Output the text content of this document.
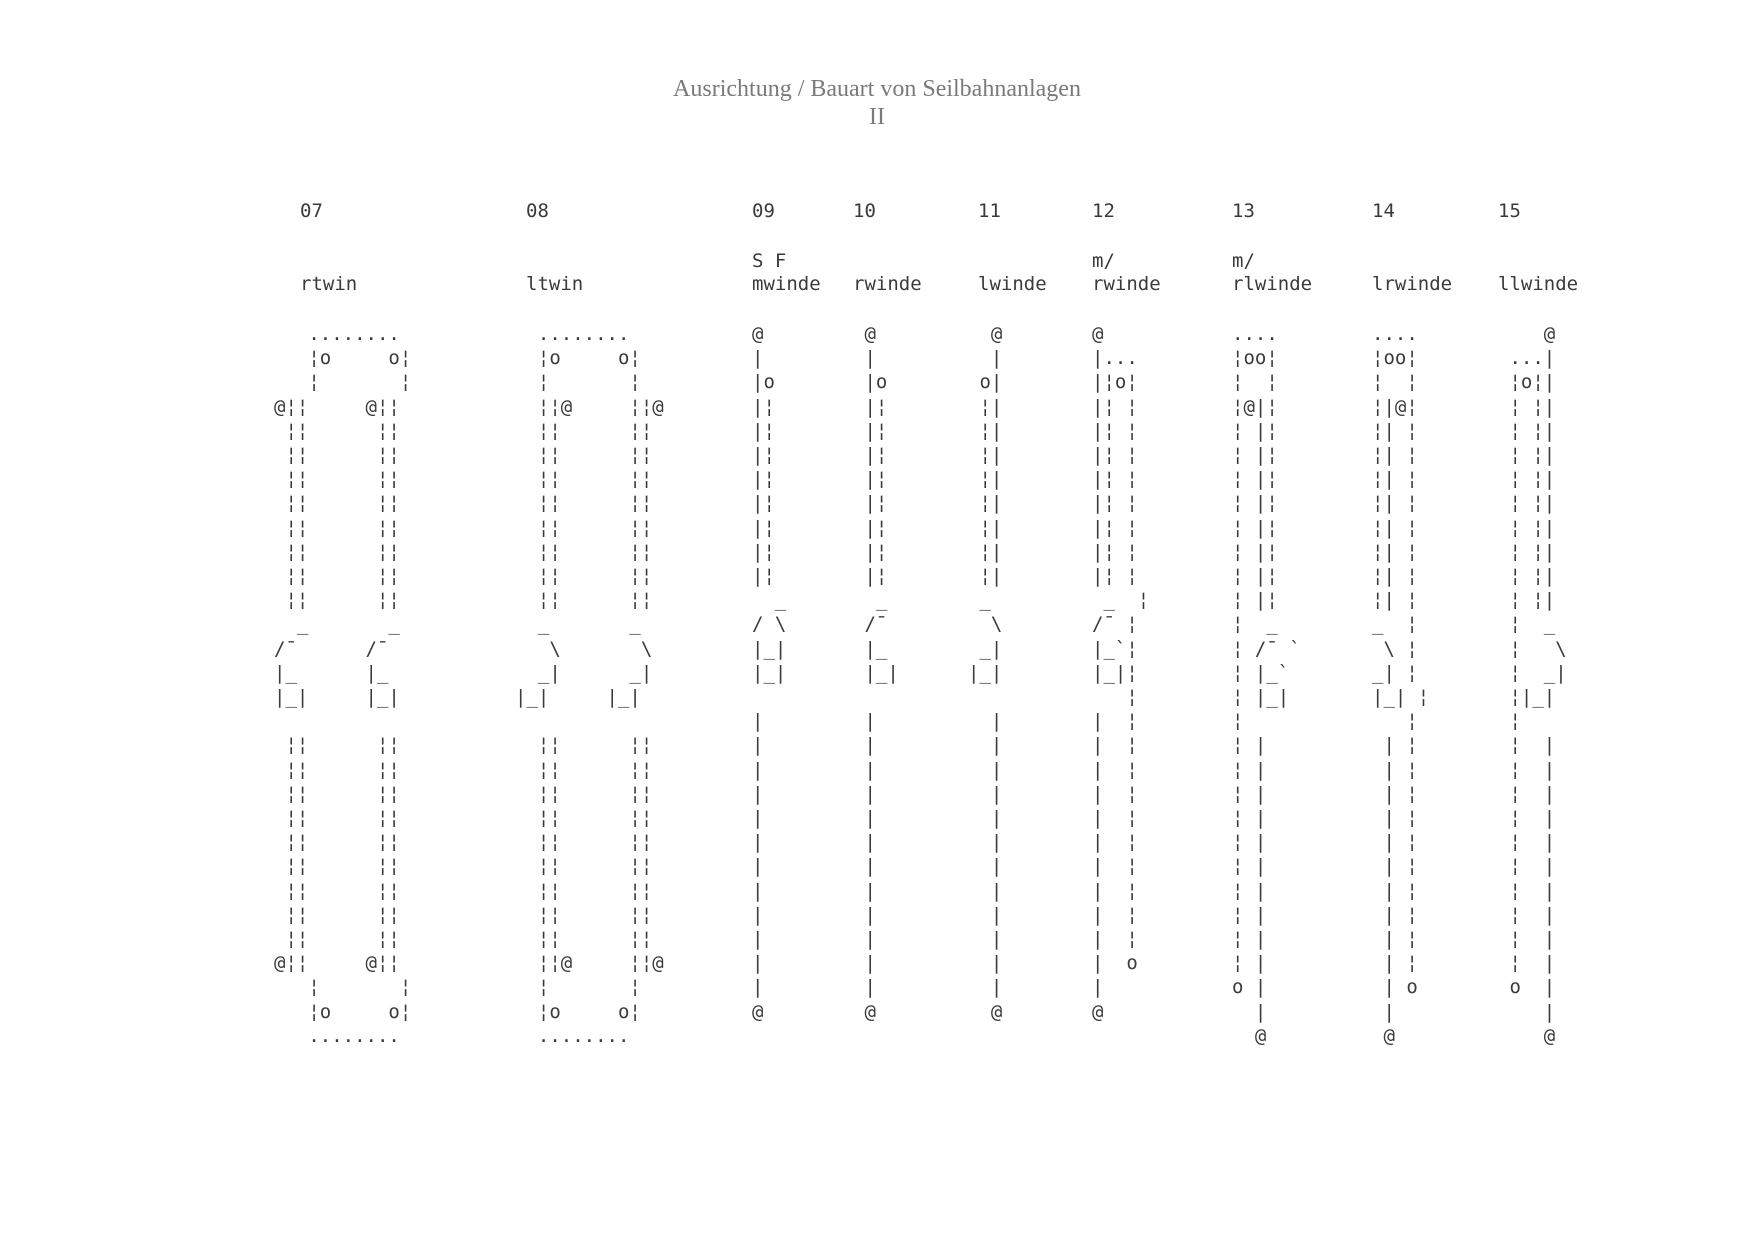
Ausrichtung / Bauart von Seilbahnanlagen
II
07
rtwin
........
¦o     o¦
¦       ¦
@¦¦     @¦¦
¦¦      ¦¦
¦¦      ¦¦
¦¦      ¦¦
¦¦      ¦¦
¦¦      ¦¦
¦¦      ¦¦
¦¦      ¦¦
¦¦      ¦¦
_       _
/¯      /¯
|_      |_
|_|     |_|

¦¦      ¦¦
¦¦      ¦¦
¦¦      ¦¦
¦¦      ¦¦
¦¦      ¦¦
¦¦      ¦¦
¦¦      ¦¦
¦¦      ¦¦
¦¦      ¦¦
@¦¦     @¦¦
¦       ¦
¦o     o¦
........
08
ltwin
........
¦o     o¦
¦       ¦
¦¦@     ¦¦@
¦¦      ¦¦
¦¦      ¦¦
¦¦      ¦¦
¦¦      ¦¦
¦¦      ¦¦
¦¦      ¦¦
¦¦      ¦¦
¦¦      ¦¦
_       _
\       \
_|      _|
|_|     |_|

¦¦      ¦¦
¦¦      ¦¦
¦¦      ¦¦
¦¦      ¦¦
¦¦      ¦¦
¦¦      ¦¦
¦¦      ¦¦
¦¦      ¦¦
¦¦      ¦¦
¦¦@     ¦¦@
¦       ¦
¦o     o¦
........
09
S F
mwinde
@
|
|o
|¦
|¦
|¦
|¦
|¦
|¦
|¦
|¦
_
/ \
|_|
|_|

|
|
|
|
|
|
|
|
|
|
|
|
@
10
rwinde
@
|
|o
|¦
|¦
|¦
|¦
|¦
|¦
|¦
|¦
_
/¯
|_
|_|

|
|
|
|
|
|
|
|
|
|
|
|
@
11
lwinde
@
|
o|
¦|
¦|
¦|
¦|
¦|
¦|
¦|
¦|
_
\
_|
|_|

|
|
|
|
|
|
|
|
|
|
|
|
@
12
m/
rwinde
@
|...
|¦o¦
|¦ ¦
|¦ ¦
|¦ ¦
|¦ ¦
|¦ ¦
|¦ ¦
|¦ ¦
|¦ ¦
_  ¦
/¯ ¦
|_`¦
|_|¦
¦
|  ¦
|  ¦
|  ¦
|  ¦
|  ¦
|  ¦
|  ¦
|  ¦
|  ¦
|  ¦
|  o
|
@
13
m/
rlwinde
....
¦oo¦
¦  ¦
¦@|¦
¦ |¦
¦ |¦
¦ |¦
¦ |¦
¦ |¦
¦ |¦
¦ |¦
¦ |¦
¦  _
¦ /¯ `
¦ |_`
¦ |_|
¦
¦ |
¦ |
¦ |
¦ |
¦ |
¦ |
¦ |
¦ |
¦ |
¦ |
o |
|
@
14
lrwinde
....
¦oo¦
¦  ¦
¦|@¦
¦| ¦
¦| ¦
¦| ¦
¦| ¦
¦| ¦
¦| ¦
¦| ¦
¦| ¦
_  ¦
\ ¦
_| ¦
|_| ¦
¦
| ¦
| ¦
| ¦
| ¦
| ¦
| ¦
| ¦
| ¦
| ¦
| ¦
| o
|
@
15
llwinde
@
...|
¦o¦|
¦ ¦|
¦ ¦|
¦ ¦|
¦ ¦|
¦ ¦|
¦ ¦|
¦ ¦|
¦ ¦|
¦ ¦|
¦  _
¦   \
¦  _|
¦|_|
¦
¦  |
¦  |
¦  |
¦  |
¦  |
¦  |
¦  |
¦  |
¦  |
¦  |
o  |
|
@
